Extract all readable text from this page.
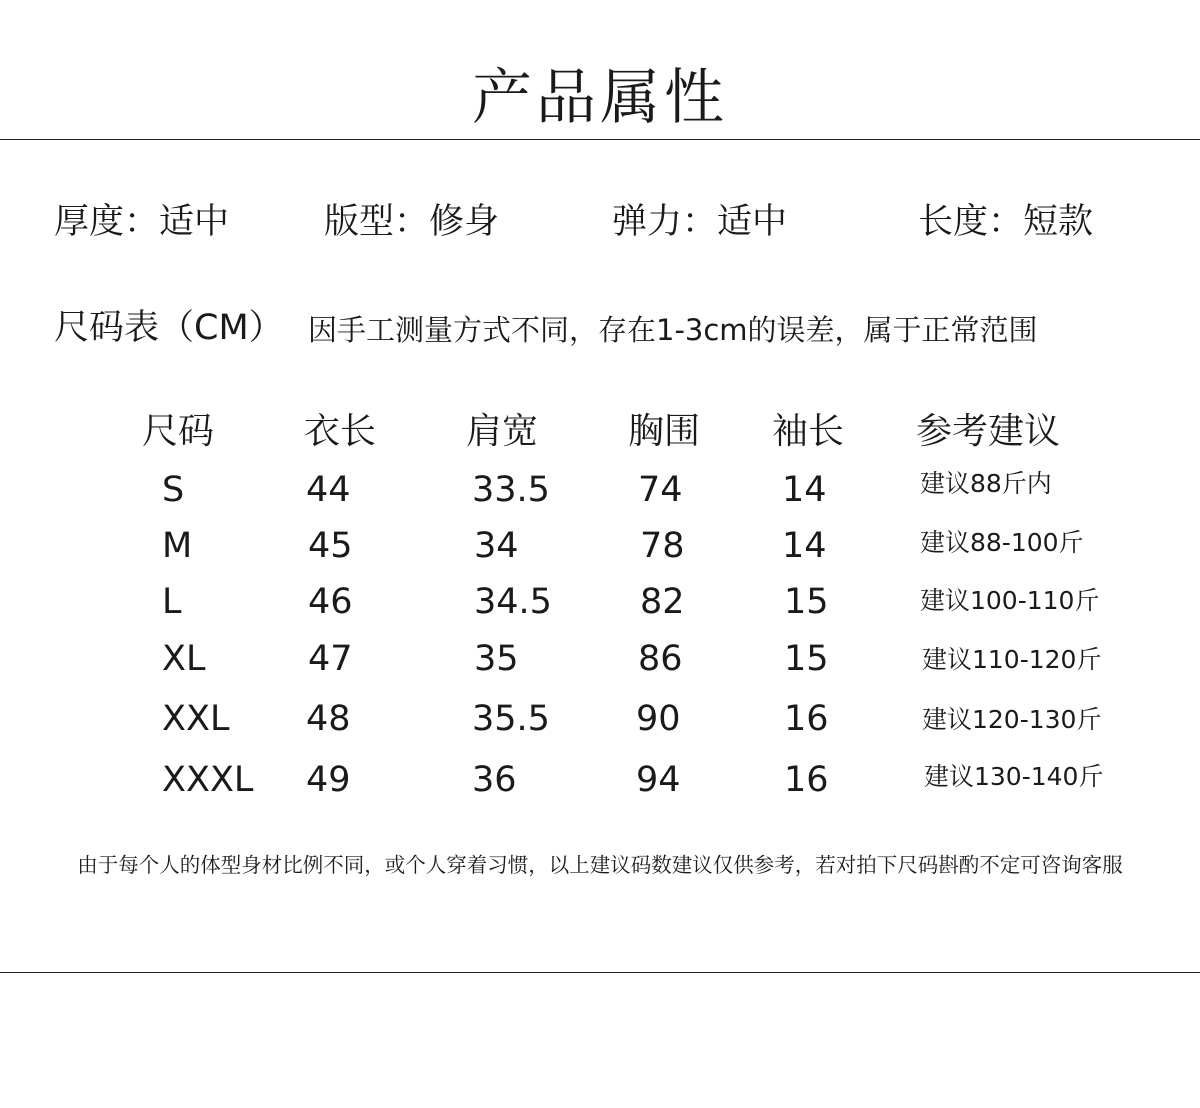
产品属性
厚度：适中	版型：修身	弹力：适中	长度：短款
尺码表（CM） 因手工测量方式不同，存在1-3cm的误差，属于正常范围
尺码 衣长 肩宽 胸围 袖长 参考建议
S	44	33.5	74	14	建议88斤内
M	45	34	78	14	建议88-100斤
L	46	34.5	82	15	建议100-110斤
XL	47	35	86	15	建议110-120斤
XXL 48	35.5 90	16	建议120-130斤
XXXL 49	36	94	16	建议130-140斤
由于每个人的体型身材比例不同，或个人穿着习惯，以上建议码数建议仅供参考，若对拍下尺码斟酌不定可咨询客服
